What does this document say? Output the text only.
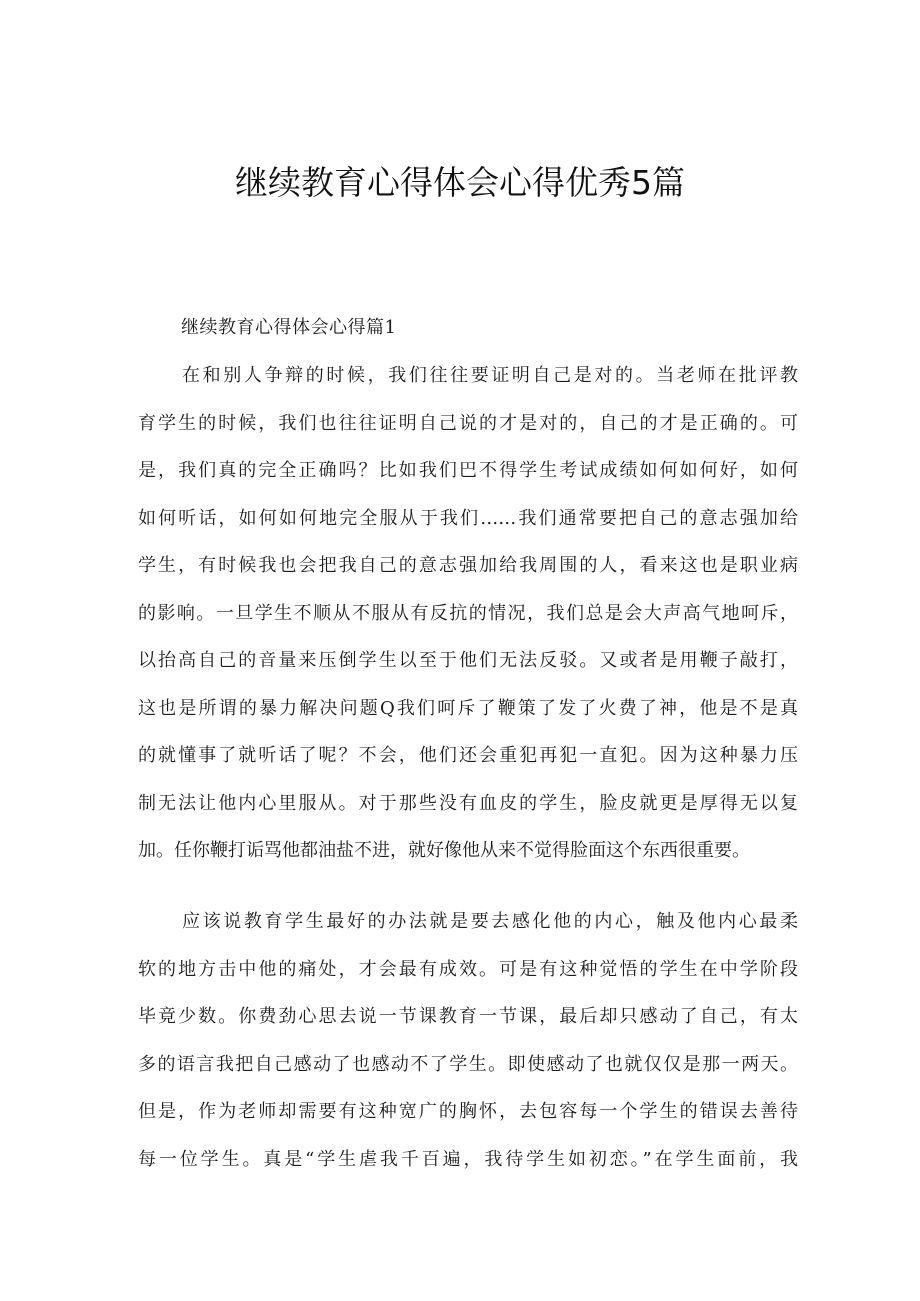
继续教育心得体会心得优秀5篇
继续教育心得体会心得篇1

在和别人争辩的时候，我们往往要证明自己是对的。当老师在批评教
育学生的时候，我们也往往证明自己说的才是对的，自己的才是正确的。可
是，我们真的完全正确吗？比如我们巴不得学生考试成绩如何如何好，如何
如何听话，如何如何地完全服从于我们……我们通常要把自己的意志强加给
学生，有时候我也会把我自己的意志强加给我周围的人，看来这也是职业病
的影响。一旦学生不顺从不服从有反抗的情况，我们总是会大声高气地呵斥，
以抬高自己的音量来压倒学生以至于他们无法反驳。又或者是用鞭子敲打，
这也是所谓的暴力解决问题Q我们呵斥了鞭策了发了火费了神，他是不是真
的就懂事了就听话了呢？不会，他们还会重犯再犯一直犯。因为这种暴力压
制无法让他内心里服从。对于那些没有血皮的学生，脸皮就更是厚得无以复
加。任你鞭打诟骂他都油盐不进，就好像他从来不觉得脸面这个东西很重要。

应该说教育学生最好的办法就是要去感化他的内心，触及他内心最柔
软的地方击中他的痛处，才会最有成效。可是有这种觉悟的学生在中学阶段
毕竟少数。你费劲心思去说一节课教育一节课，最后却只感动了自己，有太
多的语言我把自己感动了也感动不了学生。即使感动了也就仅仅是那一两天。
但是，作为老师却需要有这种宽广的胸怀，去包容每一个学生的错误去善待
每一位学生。真是“学生虐我千百遍，我待学生如初恋。”在学生面前，我
